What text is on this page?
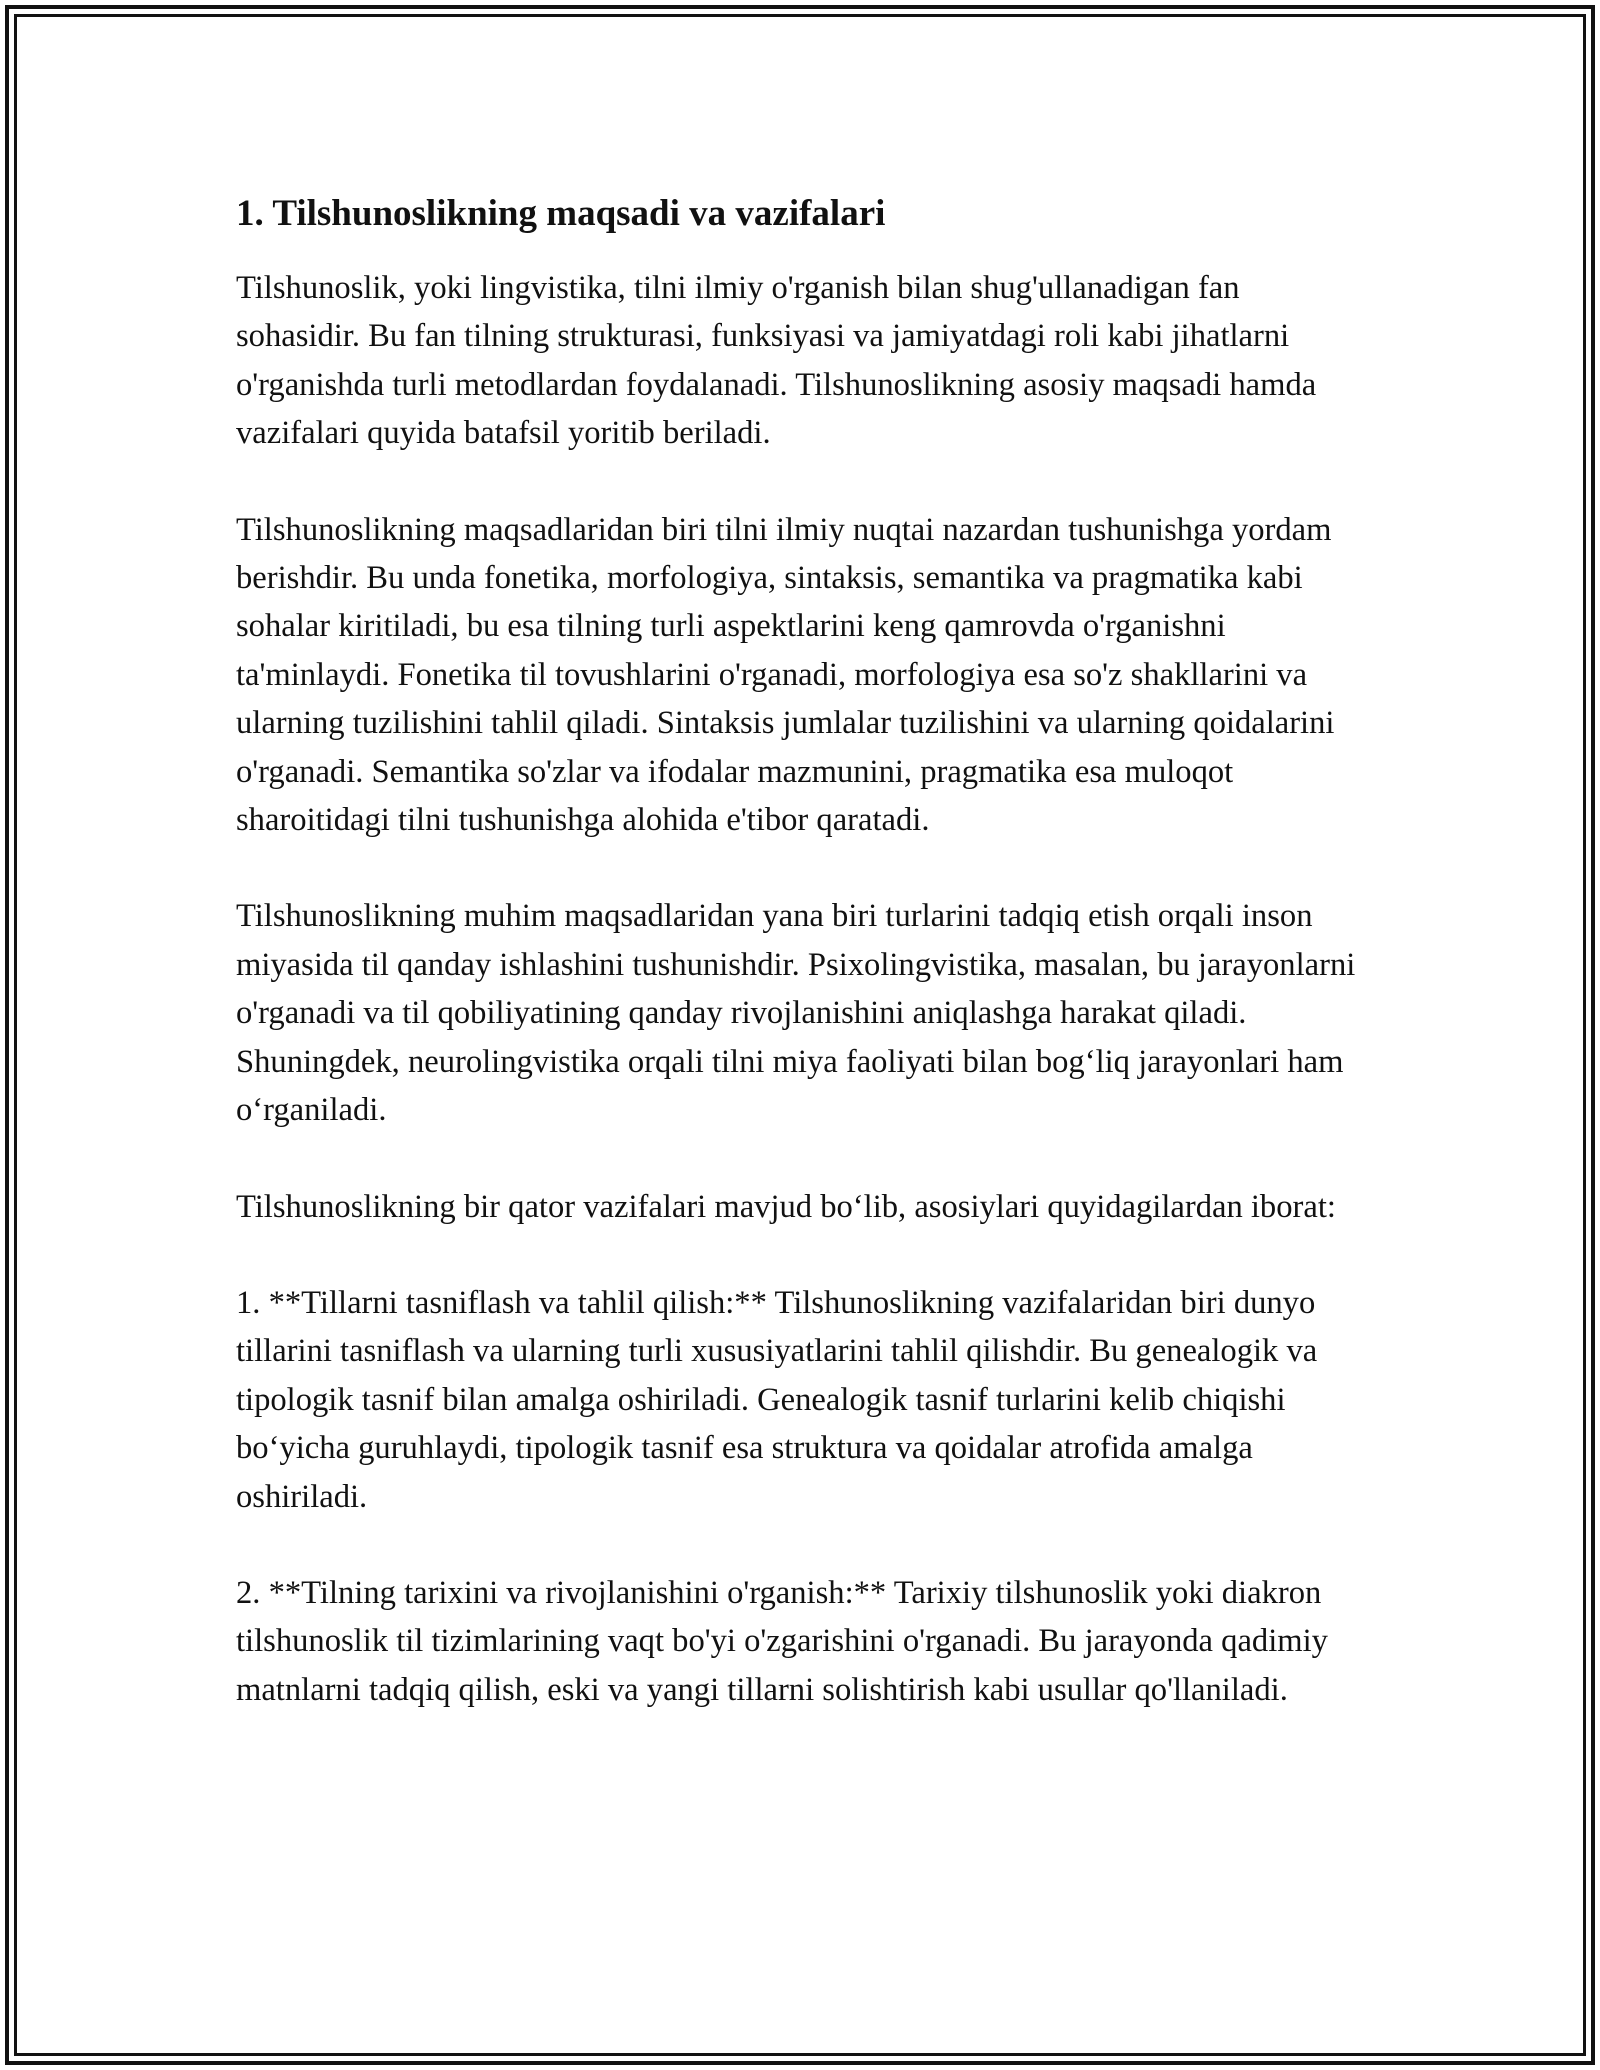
1. Tilshunoslikning maqsadi va vazifalari

Tilshunoslik, yoki lingvistika, tilni ilmiy o'rganish bilan shug'ullanadigan fan sohasidir. Bu fan tilning strukturasi, funksiyasi va jamiyatdagi roli kabi jihatlarni o'rganishda turli metodlardan foydalanadi. Tilshunoslikning asosiy maqsadi hamda vazifalari quyida batafsil yoritib beriladi.

Tilshunoslikning maqsadlaridan biri tilni ilmiy nuqtai nazardan tushunishga yordam berishdir. Bu unda fonetika, morfologiya, sintaksis, semantika va pragmatika kabi sohalar kiritiladi, bu esa tilning turli aspektlarini keng qamrovda o'rganishni ta'minlaydi. Fonetika til tovushlarini o'rganadi, morfologiya esa so'z shakllarini va ularning tuzilishini tahlil qiladi. Sintaksis jumlalar tuzilishini va ularning qoidalarini o'rganadi. Semantika so'zlar va ifodalar mazmunini, pragmatika esa muloqot sharoitidagi tilni tushunishga alohida e'tibor qaratadi.

Tilshunoslikning muhim maqsadlaridan yana biri turlarini tadqiq etish orqali inson miyasida til qanday ishlashini tushunishdir. Psixolingvistika, masalan, bu jarayonlarni o'rganadi va til qobiliyatining qanday rivojlanishini aniqlashga harakat qiladi. Shuningdek, neurolingvistika orqali tilni miya faoliyati bilan bog‘liq jarayonlari ham o‘rganiladi.

Tilshunoslikning bir qator vazifalari mavjud bo‘lib, asosiylari quyidagilardan iborat:

1. **Tillarni tasniflash va tahlil qilish:** Tilshunoslikning vazifalaridan biri dunyo tillarini tasniflash va ularning turli xususiyatlarini tahlil qilishdir. Bu genealogik va tipologik tasnif bilan amalga oshiriladi. Genealogik tasnif turlarini kelib chiqishi bo‘yicha guruhlaydi, tipologik tasnif esa struktura va qoidalar atrofida amalga oshiriladi.

2. **Tilning tarixini va rivojlanishini o'rganish:** Tarixiy tilshunoslik yoki diakron tilshunoslik til tizimlarining vaqt bo'yi o'zgarishini o'rganadi. Bu jarayonda qadimiy matnlarni tadqiq qilish, eski va yangi tillarni solishtirish kabi usullar qo'llaniladi.
